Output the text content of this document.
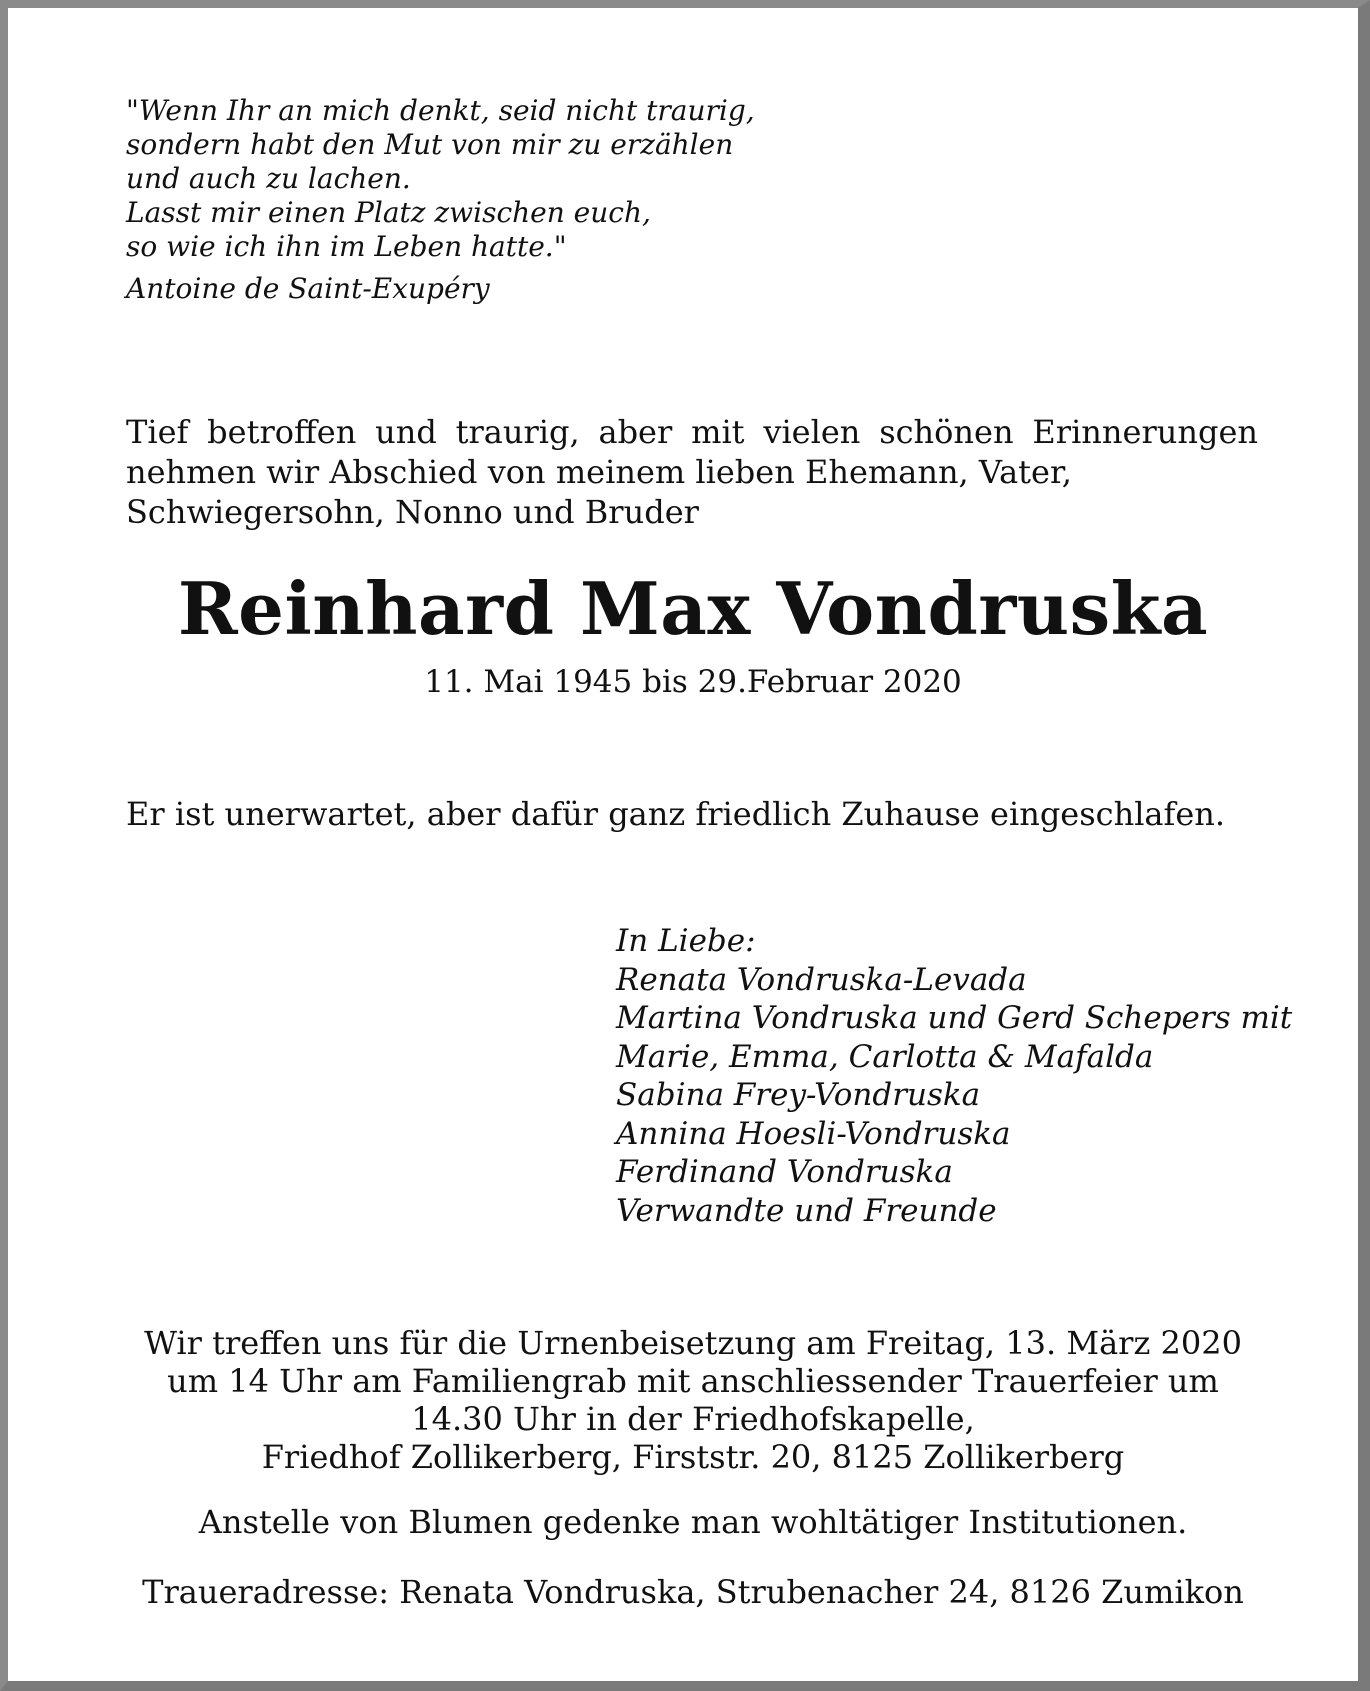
"Wenn Ihr an mich denkt, seid nicht traurig,
sondern habt den Mut von mir zu erzählen
und auch zu lachen.
Lasst mir einen Platz zwischen euch,
so wie ich ihn im Leben hatte."
Antoine de Saint-Exupéry
Tief betroffen und traurig, aber mit vielen schönen Erinnerungen
nehmen wir Abschied von meinem lieben Ehemann, Vater,
Schwiegersohn, Nonno und Bruder
Reinhard Max Vondruska
11. Mai 1945 bis 29.Februar 2020
Er ist unerwartet, aber dafür ganz friedlich Zuhause eingeschlafen.
In Liebe:
Renata Vondruska-Levada
Martina Vondruska und Gerd Schepers mit
Marie, Emma, Carlotta & Mafalda
Sabina Frey-Vondruska
Annina Hoesli-Vondruska
Ferdinand Vondruska
Verwandte und Freunde
Wir treffen uns für die Urnenbeisetzung am Freitag, 13. März 2020
um 14 Uhr am Familiengrab mit anschliessender Trauerfeier um
14.30 Uhr in der Friedhofskapelle,
Friedhof Zollikerberg, Firststr. 20, 8125 Zollikerberg
Anstelle von Blumen gedenke man wohltätiger Institutionen.
Traueradresse: Renata Vondruska, Strubenacher 24, 8126 Zumikon
